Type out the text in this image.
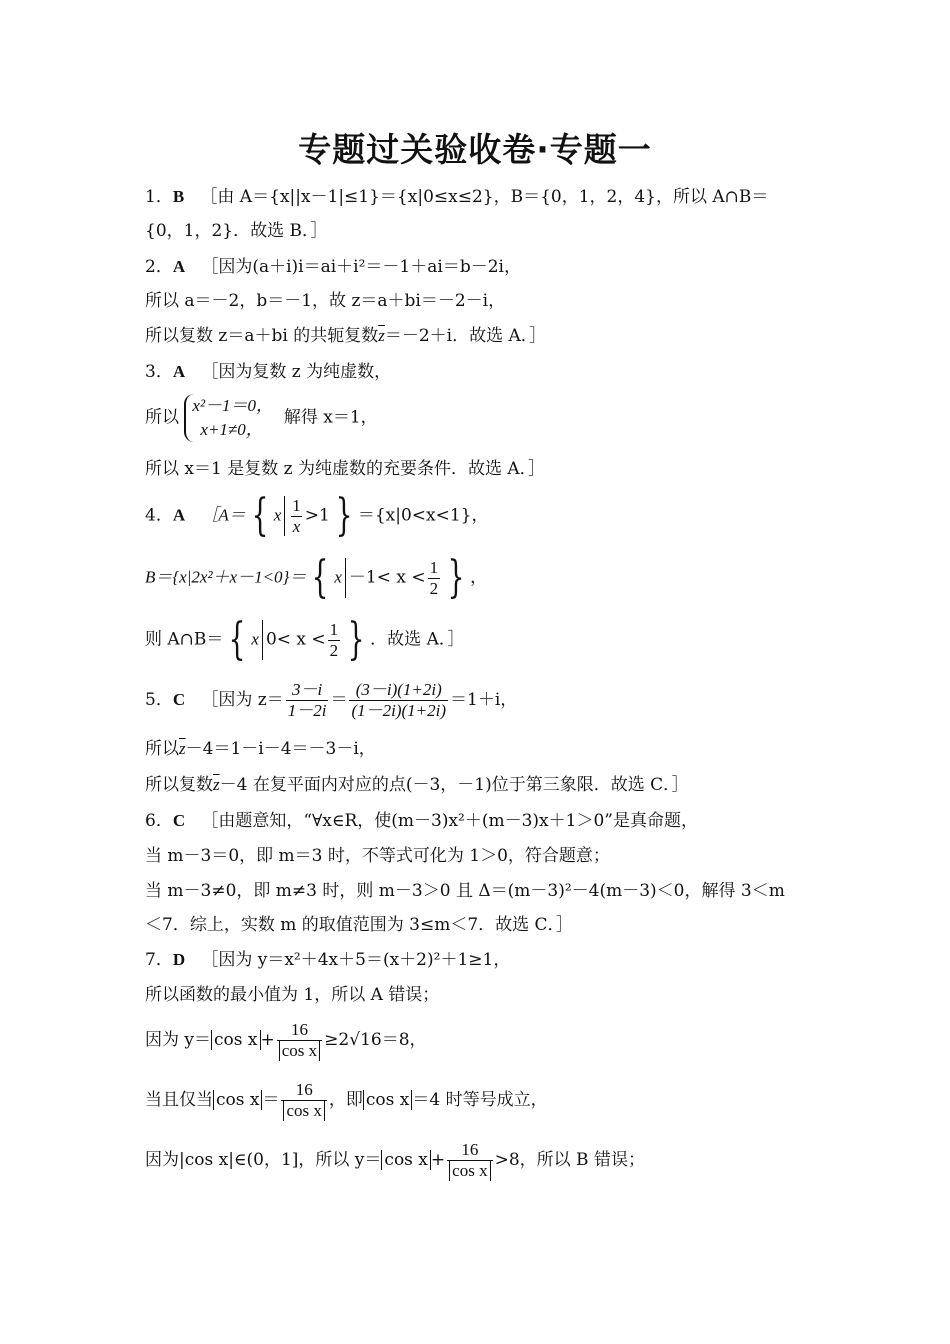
专题过关验收卷·专题一
1．B ［由 A＝{x||x－1|≤1}＝{x|0≤x≤2}，B＝{0，1，2，4}，所以 A∩B＝
{0，1，2}．故选 B．］
2．A ［因为(a＋i)i＝ai＋i²＝－1＋ai＝b－2i，
所以 a＝－2，b＝－1，故 z＝a＋bi＝－2－i，
所以复数 z＝a＋bi 的共轭复数$\overline{z}=-2+i$．故选 A．］
3．A ［因为复数 z 为纯虚数，
所以
x²－1＝0，
x+1≠0，
解得 x＝1，
所以 x＝1 是复数 z 为纯虚数的充要条件．故选 A．］
4．A ［A＝ { x $\frac{1}{x} >1$ } ＝{x|0<x<1}，
B＝{x|2x²＋x－1<0}＝ { $x -1< x < \frac{1}{2}$ } ，
则 A∩B＝ { x $0< x < \frac{1}{2}$ } ．故选 A．］
5．C ［因为 $z= \frac{3-i}{1-2i} = \frac{(3-i)(1+2i)}{(1-2i)(1+2i)} =1+i$，
所以$\overline{z}-4=1-i-4=-3-i$，
所以复数$\overline{z}-4$ 在复平面内对应的点(－3，－1)位于第三象限．故选 C．］
6．C ［由题意知，“∀x∈R，使(m－3)x²＋(m－3)x＋1＞0”是真命题，
当 m－3＝0，即 m＝3 时，不等式可化为 1＞0，符合题意；
当 m－3≠0，即 m≠3 时，则 m－3＞0 且 Δ＝(m－3)²－4(m－3)＜0，解得 3＜m
＜7．综上，实数 m 的取值范围为 3≤m＜7．故选 C．］
7．D ［因为 y＝x²＋4x＋5＝(x＋2)²＋1≥1，
所以函数的最小值为 1，所以 A 错误；
因为 $y= \cos x + \frac{16}{\text{cos x}} \ge 2√16=8$，
当且仅当 $\cos x = \frac{16}{\text{cos x}}$ ，即 cos x ＝4 时等号成立，
因为|cos x|∈(0，1]，所以 $y= \cos x + \frac{16}{\text{cos x}} >8$，所以 B 错误；
